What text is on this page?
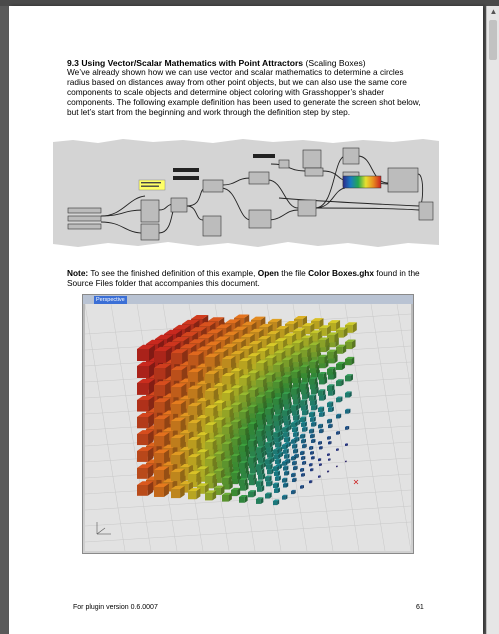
▲
9.3 Using Vector/Scalar Mathematics with Point Attractors (Scaling Boxes)
We’ve already shown how we can use vector and scalar mathematics to determine a circles radius based on distances away from other point objects, but we can also use the same core components to scale objects and determine object coloring with Grasshopper’s shader components. The following example definition has been used to generate the screen shot below, but let’s start from the beginning and work through the definition step by step.
Note: To see the finished definition of this example, Open the file Color Boxes.ghx found in the Source Files folder that accompanies this document.
Perspective
For plugin version 0.6.0007	61
